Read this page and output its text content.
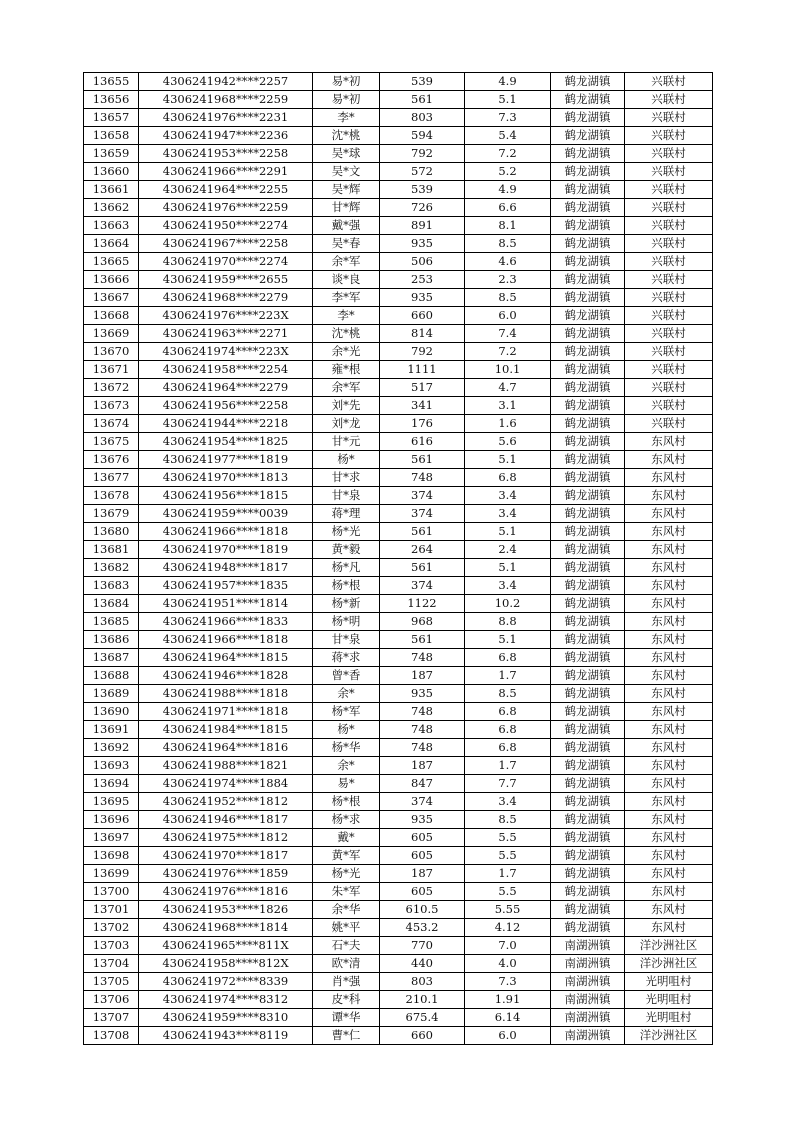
13655	4306241942****2257	易*初	539	4.9	鹤龙湖镇	兴联村
13656	4306241968****2259	易*初	561	5.1	鹤龙湖镇	兴联村
13657	4306241976****2231	李*	803	7.3	鹤龙湖镇	兴联村
13658	4306241947****2236	沈*桃	594	5.4	鹤龙湖镇	兴联村
13659	4306241953****2258	吴*球	792	7.2	鹤龙湖镇	兴联村
13660	4306241966****2291	吴*文	572	5.2	鹤龙湖镇	兴联村
13661	4306241964****2255	吴*辉	539	4.9	鹤龙湖镇	兴联村
13662	4306241976****2259	甘*辉	726	6.6	鹤龙湖镇	兴联村
13663	4306241950****2274	戴*强	891	8.1	鹤龙湖镇	兴联村
13664	4306241967****2258	吴*春	935	8.5	鹤龙湖镇	兴联村
13665	4306241970****2274	余*军	506	4.6	鹤龙湖镇	兴联村
13666	4306241959****2655	谈*良	253	2.3	鹤龙湖镇	兴联村
13667	4306241968****2279	李*军	935	8.5	鹤龙湖镇	兴联村
13668	4306241976****223X	李*	660	6.0	鹤龙湖镇	兴联村
13669	4306241963****2271	沈*桃	814	7.4	鹤龙湖镇	兴联村
13670	4306241974****223X	余*光	792	7.2	鹤龙湖镇	兴联村
13671	4306241958****2254	雍*根	1111	10.1	鹤龙湖镇	兴联村
13672	4306241964****2279	余*军	517	4.7	鹤龙湖镇	兴联村
13673	4306241956****2258	刘*先	341	3.1	鹤龙湖镇	兴联村
13674	4306241944****2218	刘*龙	176	1.6	鹤龙湖镇	兴联村
13675	4306241954****1825	甘*元	616	5.6	鹤龙湖镇	东风村
13676	4306241977****1819	杨*	561	5.1	鹤龙湖镇	东风村
13677	4306241970****1813	甘*求	748	6.8	鹤龙湖镇	东风村
13678	4306241956****1815	甘*泉	374	3.4	鹤龙湖镇	东风村
13679	4306241959****0039	蒋*理	374	3.4	鹤龙湖镇	东风村
13680	4306241966****1818	杨*光	561	5.1	鹤龙湖镇	东风村
13681	4306241970****1819	黄*毅	264	2.4	鹤龙湖镇	东风村
13682	4306241948****1817	杨*凡	561	5.1	鹤龙湖镇	东风村
13683	4306241957****1835	杨*根	374	3.4	鹤龙湖镇	东风村
13684	4306241951****1814	杨*新	1122	10.2	鹤龙湖镇	东风村
13685	4306241966****1833	杨*明	968	8.8	鹤龙湖镇	东风村
13686	4306241966****1818	甘*泉	561	5.1	鹤龙湖镇	东风村
13687	4306241964****1815	蒋*求	748	6.8	鹤龙湖镇	东风村
13688	4306241946****1828	曾*香	187	1.7	鹤龙湖镇	东风村
13689	4306241988****1818	余*	935	8.5	鹤龙湖镇	东风村
13690	4306241971****1818	杨*军	748	6.8	鹤龙湖镇	东风村
13691	4306241984****1815	杨*	748	6.8	鹤龙湖镇	东风村
13692	4306241964****1816	杨*华	748	6.8	鹤龙湖镇	东风村
13693	4306241988****1821	余*	187	1.7	鹤龙湖镇	东风村
13694	4306241974****1884	易*	847	7.7	鹤龙湖镇	东风村
13695	4306241952****1812	杨*根	374	3.4	鹤龙湖镇	东风村
13696	4306241946****1817	杨*求	935	8.5	鹤龙湖镇	东风村
13697	4306241975****1812	戴*	605	5.5	鹤龙湖镇	东风村
13698	4306241970****1817	黄*军	605	5.5	鹤龙湖镇	东风村
13699	4306241976****1859	杨*光	187	1.7	鹤龙湖镇	东风村
13700	4306241976****1816	朱*军	605	5.5	鹤龙湖镇	东风村
13701	4306241953****1826	余*华	610.5	5.55	鹤龙湖镇	东风村
13702	4306241968****1814	姚*平	453.2	4.12	鹤龙湖镇	东风村
13703	4306241965****811X	石*夫	770	7.0	南湖洲镇	洋沙洲社区
13704	4306241958****812X	欧*清	440	4.0	南湖洲镇	洋沙洲社区
13705	4306241972****8339	肖*强	803	7.3	南湖洲镇	光明咀村
13706	4306241974****8312	皮*科	210.1	1.91	南湖洲镇	光明咀村
13707	4306241959****8310	谭*华	675.4	6.14	南湖洲镇	光明咀村
13708	4306241943****8119	曹*仁	660	6.0	南湖洲镇	洋沙洲社区
